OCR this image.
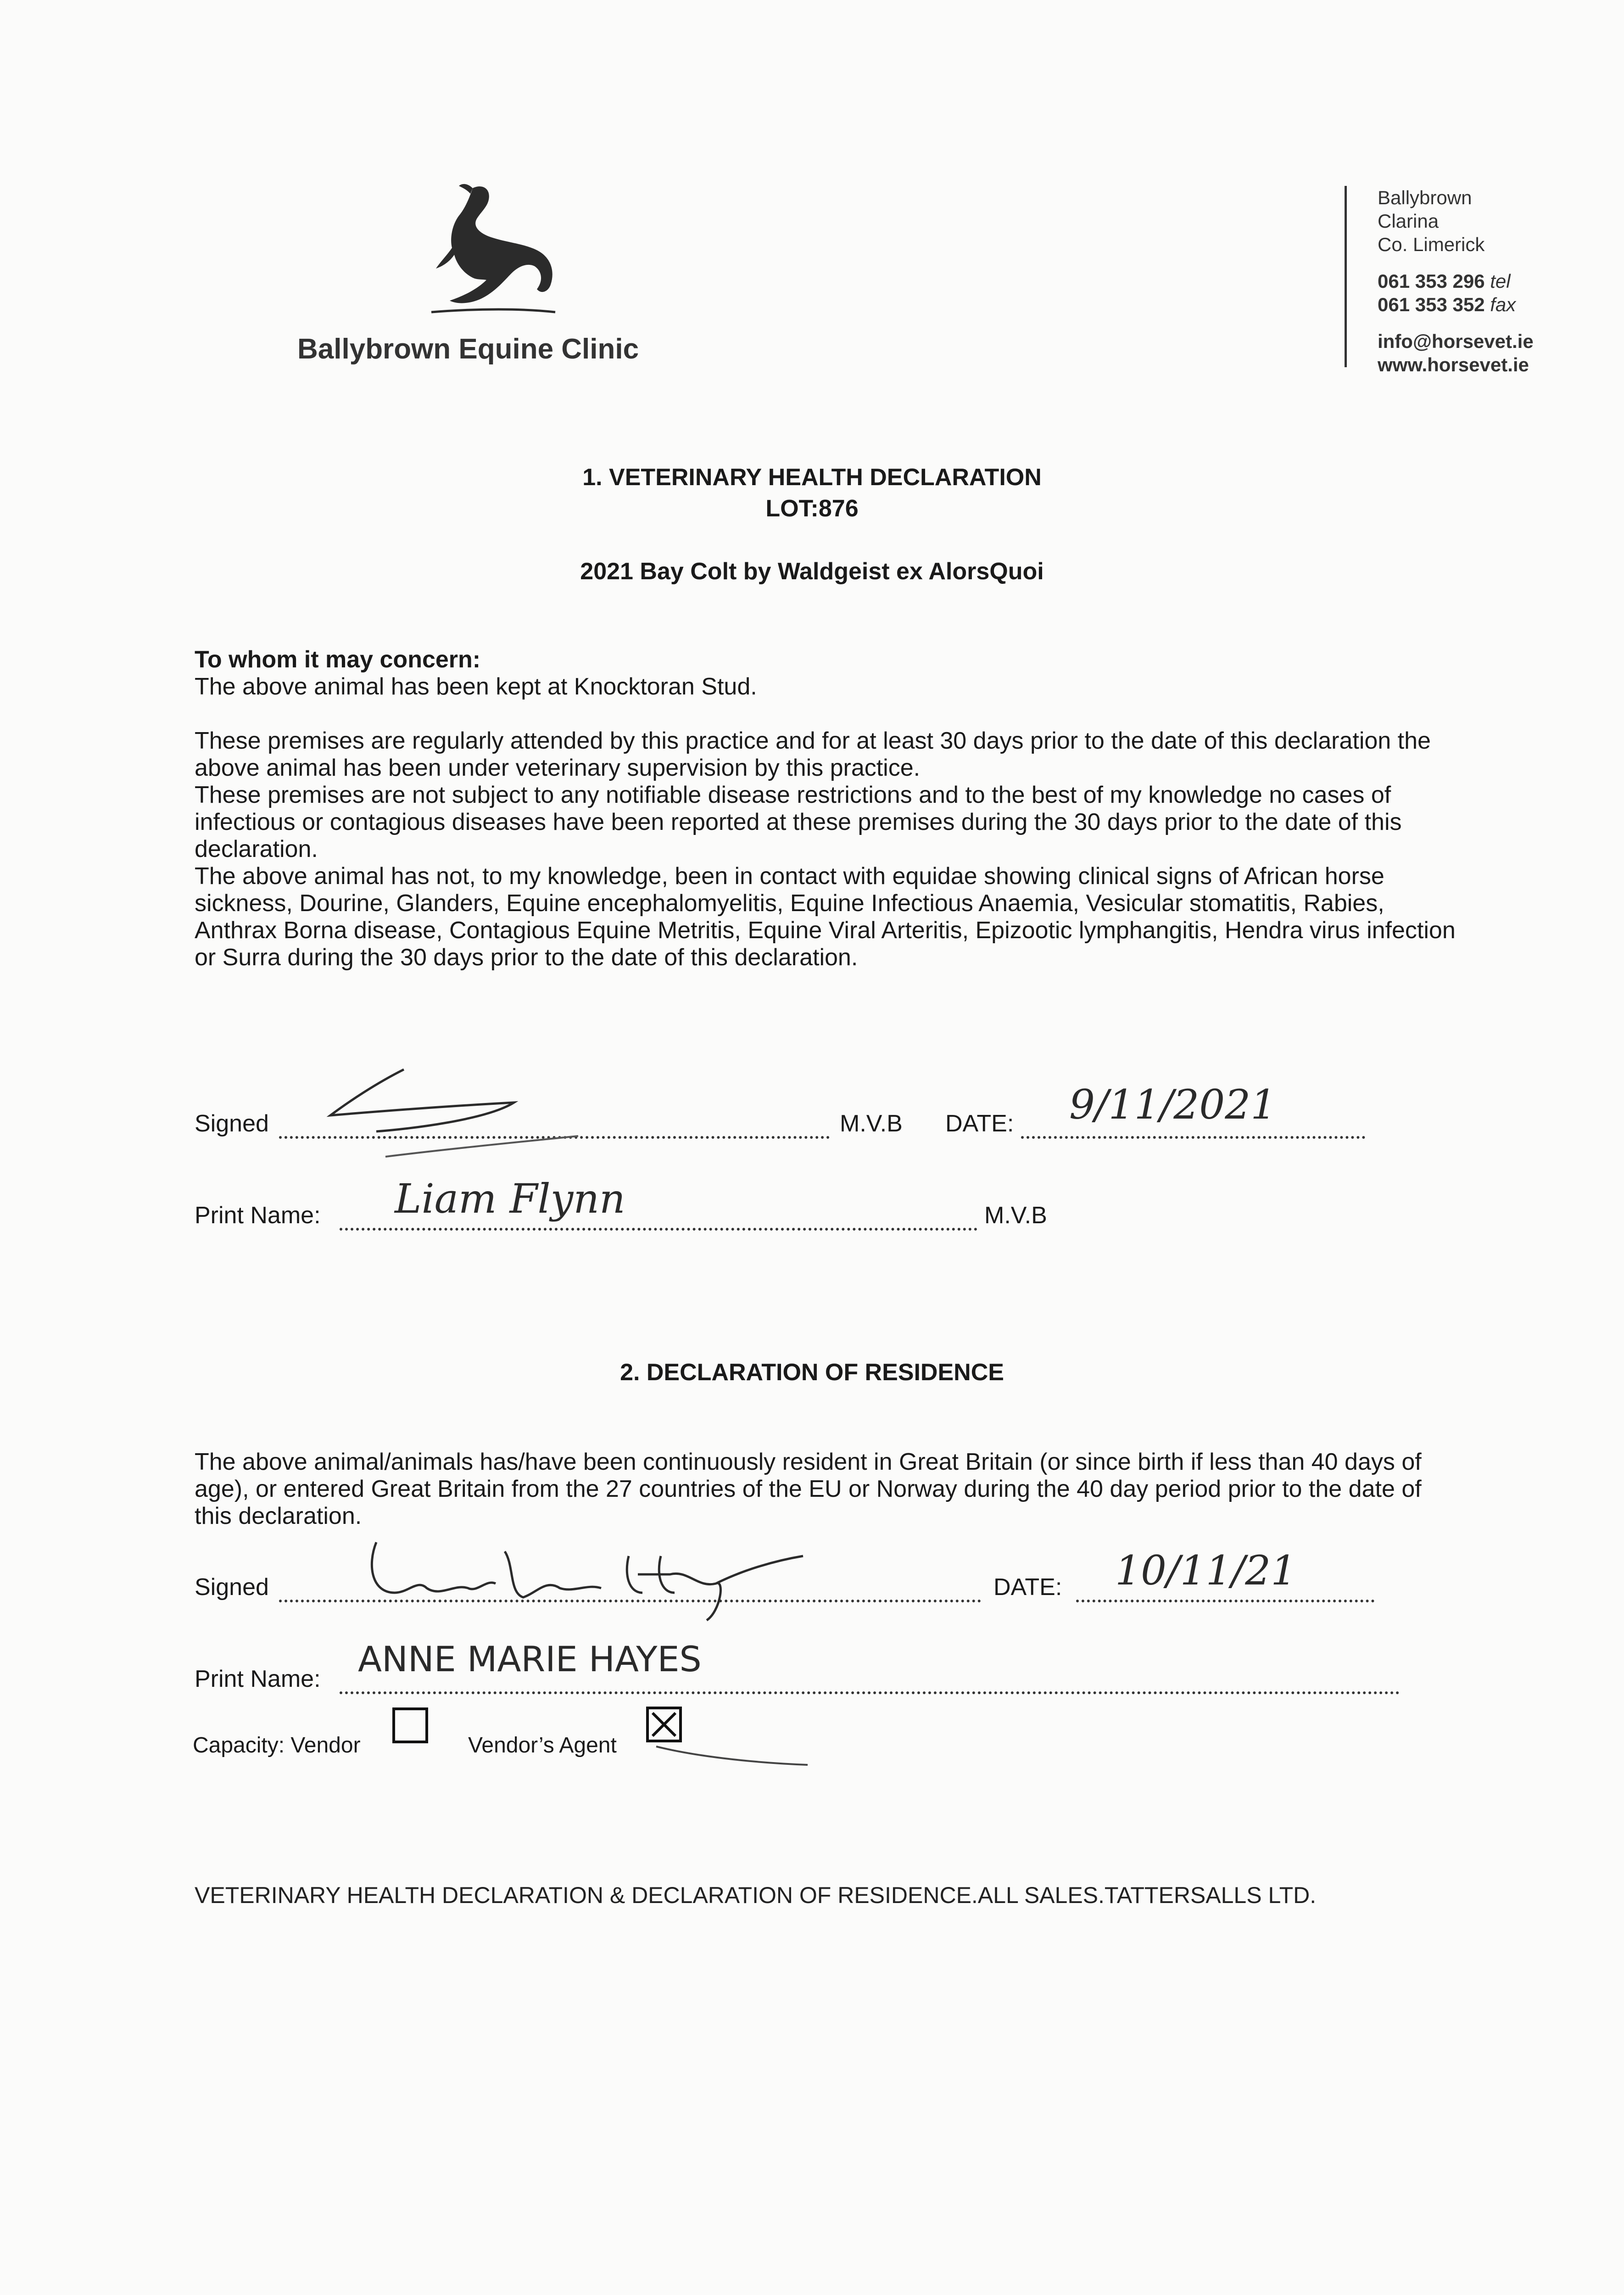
Ballybrown Equine Clinic
Ballybrown
Clarina
Co. Limerick
061 353 296 tel
061 353 352 fax
info@horsevet.ie
www.horsevet.ie
1. VETERINARY HEALTH DECLARATION
LOT:876
2021 Bay Colt by Waldgeist ex AlorsQuoi

To whom it may concern:

The above animal has been kept at Knocktoran Stud.

These premises are regularly attended by this practice and for at least 30 days prior to the date of this declaration the above animal has been under veterinary supervision by this practice.

These premises are not subject to any notifiable disease restrictions and to the best of my knowledge no cases of infectious or contagious diseases have been reported at these premises during the 30 days prior to the date of this declaration.

The above animal has not, to my knowledge, been in contact with equidae showing clinical signs of African horse sickness, Dourine, Glanders, Equine encephalomyelitis, Equine Infectious Anaemia, Vesicular stomatitis, Rabies, Anthrax Borna disease, Contagious Equine Metritis, Equine Viral Arteritis, Epizootic lymphangitis, Hendra virus infection or Surra during the 30 days prior to the date of this declaration.

Signed	M.V.B DATE: 9/11/2021
Print Name: Liam Flynn	M.V.B
2. DECLARATION OF RESIDENCE

The above animal/animals has/have been continuously resident in Great Britain (or since birth if less than 40 days of age), or entered Great Britain from the 27 countries of the EU or Norway during the 40 day period prior to the date of this declaration.

Signed	DATE: 10/11/21
Print Name: ANNE MARIE HAYES
Capacity: Vendor	Vendor’s Agent
VETERINARY HEALTH DECLARATION & DECLARATION OF RESIDENCE.ALL SALES.TATTERSALLS LTD.
